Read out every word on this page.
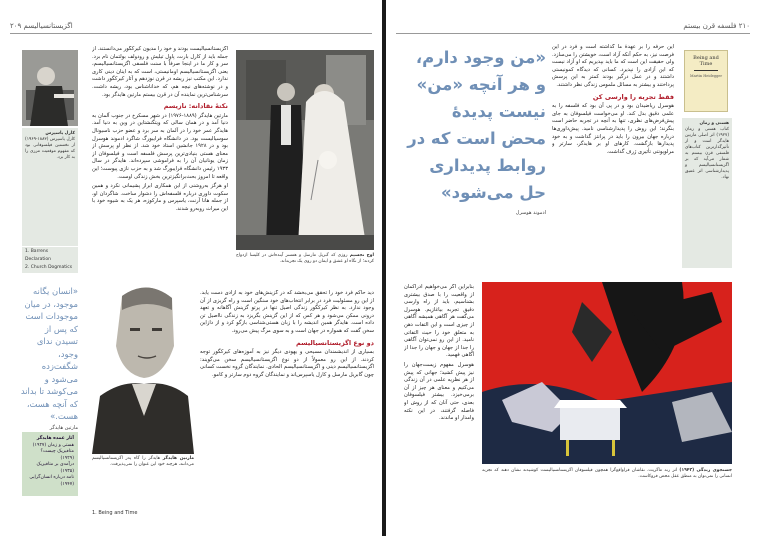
اگزیستانسیالیسم ۲۰۹
اوج تجسیم روزی که گبریل مارسل و همسر آینده‌اش در کلیسا ازدواج کردند؛ از نگاه او عشق و ایمان دو روی یک تجربه‌اند.

اگزیستانسیالیست بودند و خود را مدیون کیرکگور می‌دانستند. از جمله باید از کارل بارت، پاول تیلیش و رودولف بولتمان نام برد. سر و کار ما در اینجا صرفاً با سنت فلسفی اگزیستانسیالیسم، یعنی اگزیستانسیالیسم اومانیستی، است که به اینان دینی کاری ندارد. این مکتب نیز ریشه در قرن نوزدهم و آثار کیرکگور داشت و در نوشته‌های نیچه هم، که خداناشناس بود، ریشه داشت. سرشناس‌ترین نماینده آن در قرن بیستم مارتین هایدگر بود.

نکتهٔ نقادانه: نازیسم

مارتین هایدگر (۱۸۸۹-۱۹۷۶) در شهر مسکرخ در جنوب آلمان به دنیا آمد و در همان سالی که ویتگنشتاین در وین به دنیا آمد. هایدگر عمر خود را در آلمان به سر برد و عضو حزب ناسیونال سوسیالیست بود. در دانشگاه فرایبورگ شاگرد ادموند هوسرل بود و در ۱۹۲۸ جانشین استاد خود شد. از نظر او پرسش از معنای هستی بنیادی‌ترین پرسش فلسفه است و فیلسوفان از زمان یونانیان آن را به فراموشی سپرده‌اند. هایدگر در سال ۱۹۳۳ رئیس دانشگاه فرایبورگ شد و به حزب نازی پیوست؛ این واقعه تا امروز بحث‌برانگیزترین بخش زندگی اوست.

او هرگز به‌روشنی از این همکاری ابراز پشیمانی نکرد و همین سکوت داوری درباره فلسفه‌اش را دشوار ساخت. شاگردان او، از جمله هانا آرنت، یاسپرس و مارکوزه، هر یک به شیوه خود با این میراث روبه‌رو شدند.

کارل یاسپرس
کارل یاسپرس (۱۸۸۳-۱۹۶۹) از نخستین فیلسوفانی بود که مفهوم موقعیت مرزی را به کار برد.
1. Barrens Declaration
2. Church Dogmatics
«انسان یگانه موجود، در میان موجودات است که پس از تسیدن ندای وجود، شگفت‌زده می‌شود و می‌کوشد تا بداند که آنچه هست، هست.»
مارتین هایدگر
آثار عمده هایدگر
هستی و زمان (۱۹۲۷)
متافیزیک چیست؟ (۱۹۲۹)
درآمدی بر متافیزیک (۱۹۳۵)
نامه درباره انسان‌گرایی (۱۹۴۷)
مارتین هایدگر هایدگر را گاه پدر اگزیستانسیالیسم می‌دانند، هرچند خود این عنوان را نمی‌پذیرفت.
1. Being and Time

دید حاکم فرد خود را تحقق می‌بخشد که در گزینش‌های خود به آزادی دست یابد. از این رو مسئولیت فرد در برابر انتخاب‌های خود سنگین است و راه گریزی از آن وجود ندارد. به نظر کیرکگور زندگی اصیل تنها در پرتو گزینش آگاهانه و تعهد درونی ممکن می‌شود و هر کس که از این گزینش بگریزد به زندگی نااصیل تن داده است. هایدگر همین اندیشه را با زبان هستی‌شناسی بازگو کرد و از دازاین سخن گفت که همواره در جهان است و به سوی مرگ پیش می‌رود.

دو نوع اگزیستانسیالیسم

بسیاری از اندیشمندان مسیحی و یهودی دیگر نیز به آموزه‌های کیرکگور توجه کردند. از این رو معمولاً از دو نوع اگزیستانسیالیسم سخن می‌گویند: اگزیستانسیالیسم دینی و اگزیستانسیالیسم الحادی. نمایندگان گروه نخست کسانی چون گابریل مارسل و کارل یاسپرس‌اند و نمایندگان گروه دوم سارتر و کامو.

۲۱۰ فلسفه قرن بیستم
«من وجود دارم، و هر آنچه «من» نیست پدیدهٔ محض است که در روابط پدیداری حل می‌شود»
ادموند هوسرل

این حرفه را بر عهدهٔ ما گذاشته است و فرد در این فرصت نیز، به حکم آنکه آزاد است، خویشتن را می‌سازد. ولی حقیقت این است که ما باید بپذیریم که او آزاد نیست که این آزادی را نپذیرد. کسانی که دیدگاه کمونیستی داشتند و در عمل درگیر بودند کمتر به این پرسش پرداختند و بیشتر به مسائل ملموس زندگی نظر داشتند.

فقط تجربه را وارسی کن

هوسرل ریاضیدان بود و در پی آن بود که فلسفه را به علمی دقیق بدل کند. او می‌خواست فیلسوفان به جای پیش‌فرض‌های نظری، تنها به آنچه در تجربه حاضر است بنگرند؛ این روش را پدیدارشناسی نامید. پیش‌داوری‌ها درباره جهان بیرون را باید در پرانتز گذاشت و به خود پدیدارها بازگشت. کارهای او بر هایدگر، سارتر و مرلوپونتی تأثیری ژرف گذاشت.

Being and Time
Martin Heidegger
هستی و زمان
کتاب هستی و زمان (۱۹۲۷) اثر اصلی مارتین هایدگر است و از تأثیرگذارترین کتاب‌های فلسفی قرن بیستم به شمار می‌آید که بر اگزیستانسیالیسم و پدیدارشناسی اثر عمیق نهاد.

بنابراین اگر می‌خواهیم ادراکمان از واقعیت را با صدق بیشتری بشناسیم، باید از راه وارسی دقیق تجربه بیاغازیم. هوسرل می‌گفت هر آگاهی همیشه آگاهی از چیزی است و این التفات ذهن به متعلق خود را حیث التفاتی نامید. از این رو نمی‌توان آگاهی را جدا از جهان و جهان را جدا از آگاهی فهمید.

هوسرل مفهوم زیست‌جهان را نیز پیش کشید؛ جهانی که پیش از هر نظریه علمی در آن زندگی می‌کنیم و معنای هر چیز از آن برمی‌خیزد. بیشتر فیلسوفان بعدی، حتی آنان که از روش او فاصله گرفتند، در این نکته وامدار او ماندند.

جستجوی زندگی (۱۹۴۳) اثر رنه ماگریت. نقاشان فراواقع‌گرا همچون فیلسوفان اگزیستانسیالیست کوشیدند نشان دهند که تجربه انسانی را نمی‌توان به منطق عقل محض فروکاست.
